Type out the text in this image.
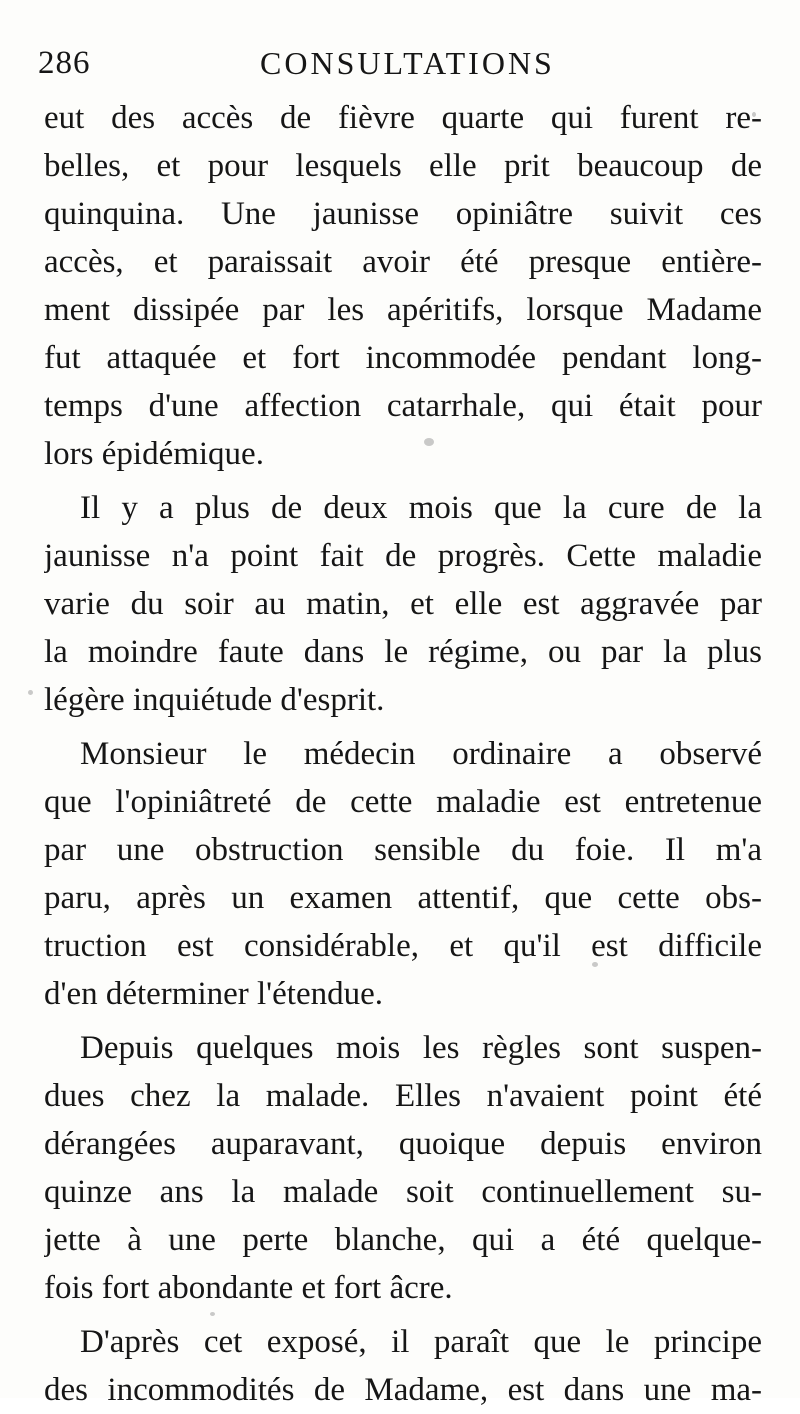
286	CONSULTATIONS
eut des accès de fièvre quarte qui furent re-
belles, et pour lesquels elle prit beaucoup de
quinquina. Une jaunisse opiniâtre suivit ces
accès, et paraissait avoir été presque entière-
ment dissipée par les apéritifs, lorsque Madame
fut attaquée et fort incommodée pendant long-
temps d'une affection catarrhale, qui était pour
lors épidémique.
Il y a plus de deux mois que la cure de la
jaunisse n'a point fait de progrès. Cette maladie
varie du soir au matin, et elle est aggravée par
la moindre faute dans le régime, ou par la plus
légère inquiétude d'esprit.
Monsieur le médecin ordinaire a observé
que l'opiniâtreté de cette maladie est entretenue
par une obstruction sensible du foie. Il m'a
paru, après un examen attentif, que cette obs-
truction est considérable, et qu'il est difficile
d'en déterminer l'étendue.
Depuis quelques mois les règles sont suspen-
dues chez la malade. Elles n'avaient point été
dérangées auparavant, quoique depuis environ
quinze ans la malade soit continuellement su-
jette à une perte blanche, qui a été quelque-
fois fort abondante et fort âcre.
D'après cet exposé, il paraît que le principe
des incommodités de Madame, est dans une ma-
